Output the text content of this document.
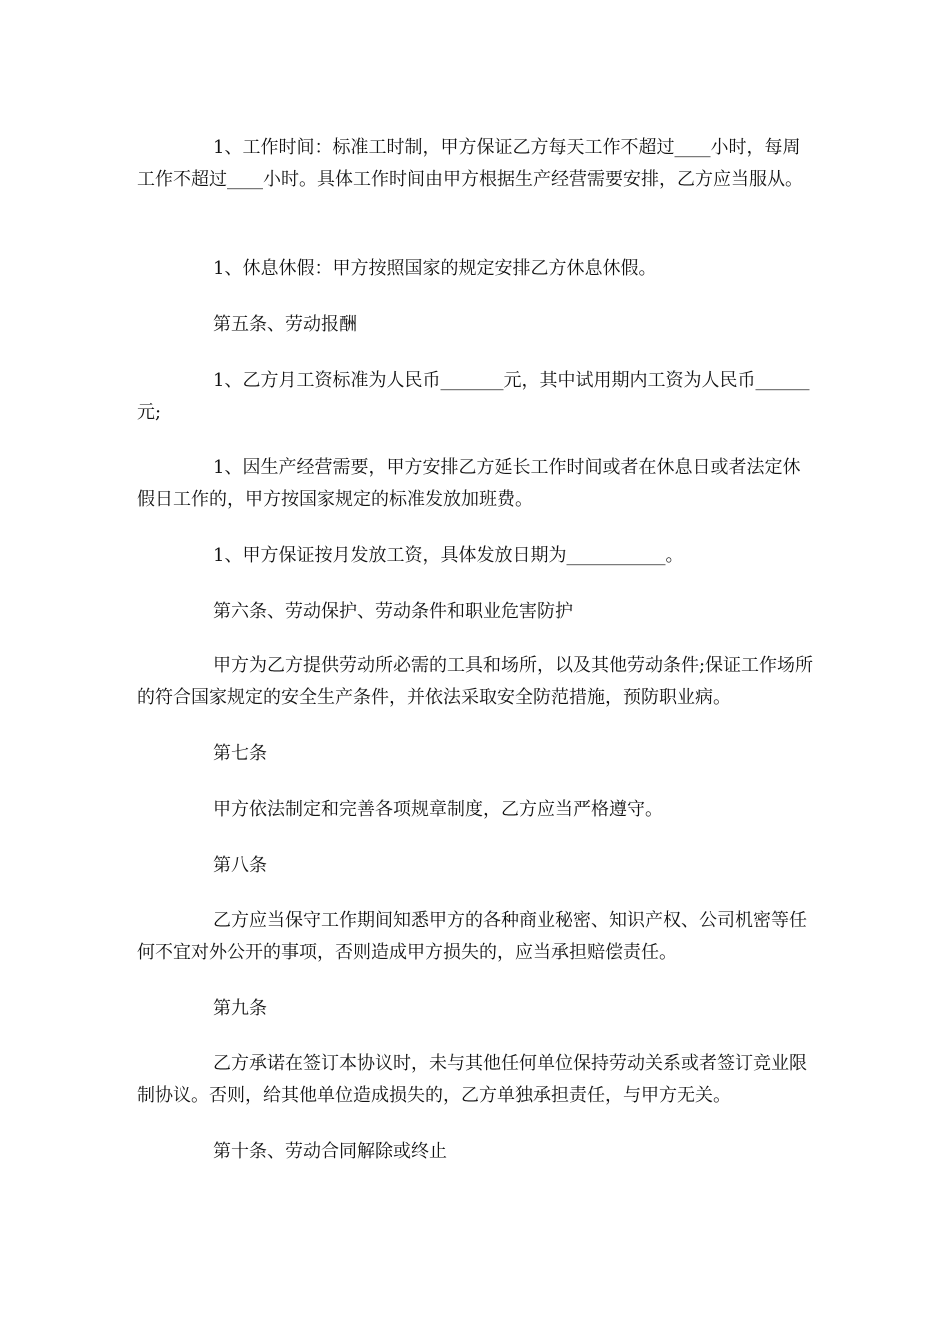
1、工作时间：标准工时制，甲方保证乙方每天工作不超过____小时，每周工作不超过____小时。具体工作时间由甲方根据生产经营需要安排，乙方应当服从。

1、休息休假：甲方按照国家的规定安排乙方休息休假。

第五条、劳动报酬

1、乙方月工资标准为人民币_______元，其中试用期内工资为人民币______元;

1、因生产经营需要，甲方安排乙方延长工作时间或者在休息日或者法定休假日工作的，甲方按国家规定的标准发放加班费。

1、甲方保证按月发放工资，具体发放日期为___________。

第六条、劳动保护、劳动条件和职业危害防护

甲方为乙方提供劳动所必需的工具和场所，以及其他劳动条件;保证工作场所的符合国家规定的安全生产条件，并依法采取安全防范措施，预防职业病。

第七条

甲方依法制定和完善各项规章制度，乙方应当严格遵守。

第八条

乙方应当保守工作期间知悉甲方的各种商业秘密、知识产权、公司机密等任何不宜对外公开的事项，否则造成甲方损失的，应当承担赔偿责任。

第九条

乙方承诺在签订本协议时，未与其他任何单位保持劳动关系或者签订竞业限制协议。否则，给其他单位造成损失的，乙方单独承担责任，与甲方无关。

第十条、劳动合同解除或终止
